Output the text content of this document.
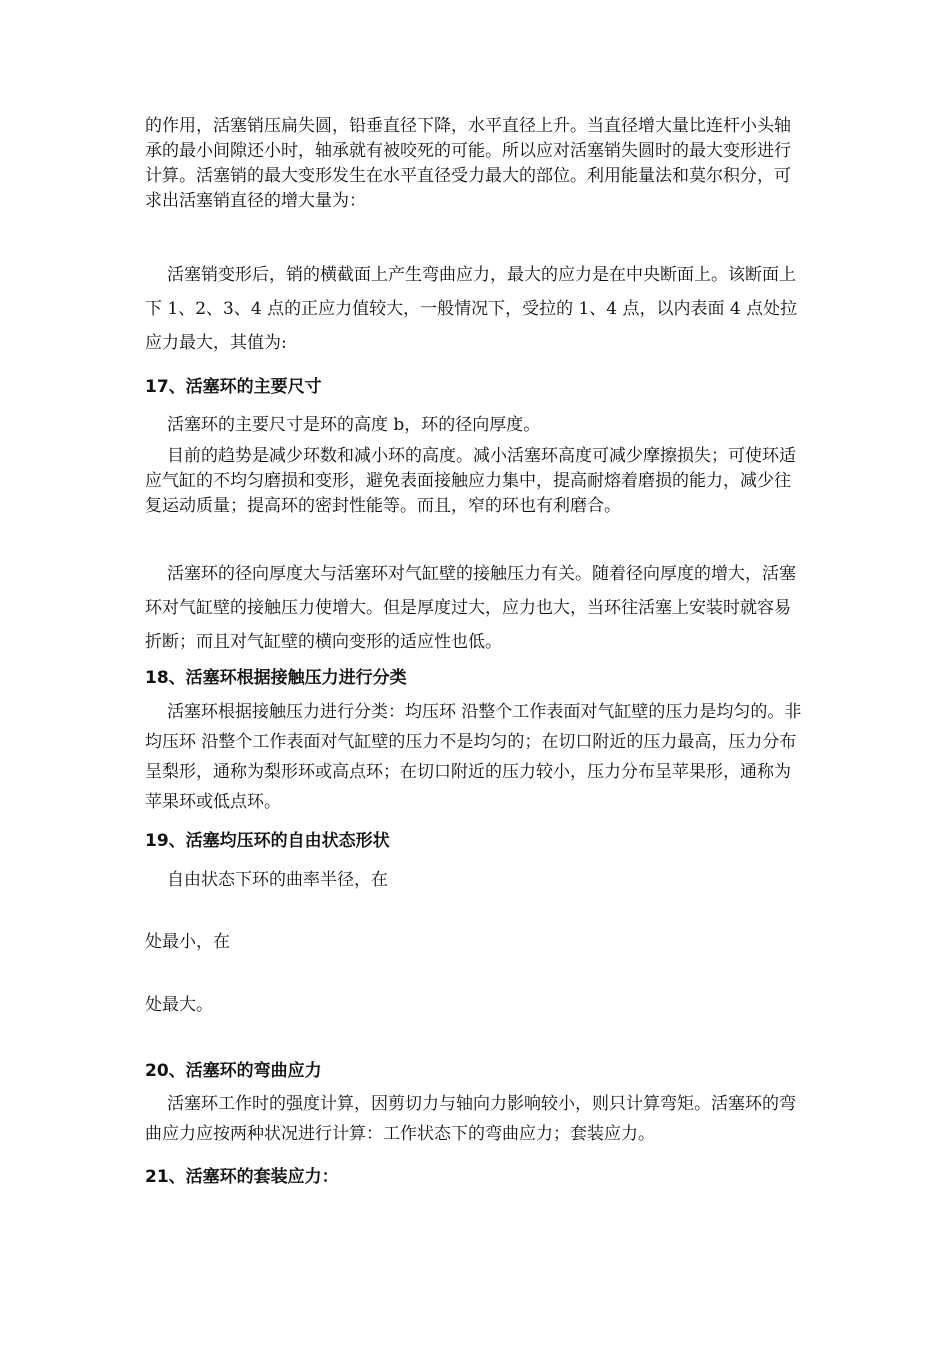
的作用，活塞销压扁失圆，铅垂直径下降，水平直径上升。当直径增大量比连杆小头轴承的最小间隙还小时，轴承就有被咬死的可能。所以应对活塞销失圆时的最大变形进行计算。活塞销的最大变形发生在水平直径受力最大的部位。利用能量法和莫尔积分，可求出活塞销直径的增大量为：

活塞销变形后，销的横截面上产生弯曲应力，最大的应力是在中央断面上。该断面上下 1、2、3、4 点的正应力值较大，一般情况下，受拉的 1、4 点，以内表面 4 点处拉应力最大，其值为:

17、活塞环的主要尺寸

活塞环的主要尺寸是环的高度 b，环的径向厚度。

目前的趋势是减少环数和减小环的高度。减小活塞环高度可减少摩擦损失；可使环适应气缸的不均匀磨损和变形，避免表面接触应力集中，提高耐熔着磨损的能力，减少往复运动质量；提高环的密封性能等。而且，窄的环也有利磨合。

活塞环的径向厚度大与活塞环对气缸壁的接触压力有关。随着径向厚度的增大，活塞环对气缸壁的接触压力使增大。但是厚度过大，应力也大，当环往活塞上安装时就容易折断；而且对气缸壁的横向变形的适应性也低。

18、活塞环根据接触压力进行分类

活塞环根据接触压力进行分类：均压环 沿整个工作表面对气缸壁的压力是均匀的。非均压环 沿整个工作表面对气缸壁的压力不是均匀的；在切口附近的压力最高，压力分布呈梨形，通称为梨形环或高点环；在切口附近的压力较小，压力分布呈苹果形，通称为苹果环或低点环。

19、活塞均压环的自由状态形状

自由状态下环的曲率半径，在

处最小，在

处最大。

20、活塞环的弯曲应力

活塞环工作时的强度计算，因剪切力与轴向力影响较小，则只计算弯矩。活塞环的弯曲应力应按两种状况进行计算：工作状态下的弯曲应力；套装应力。

21、活塞环的套装应力：
